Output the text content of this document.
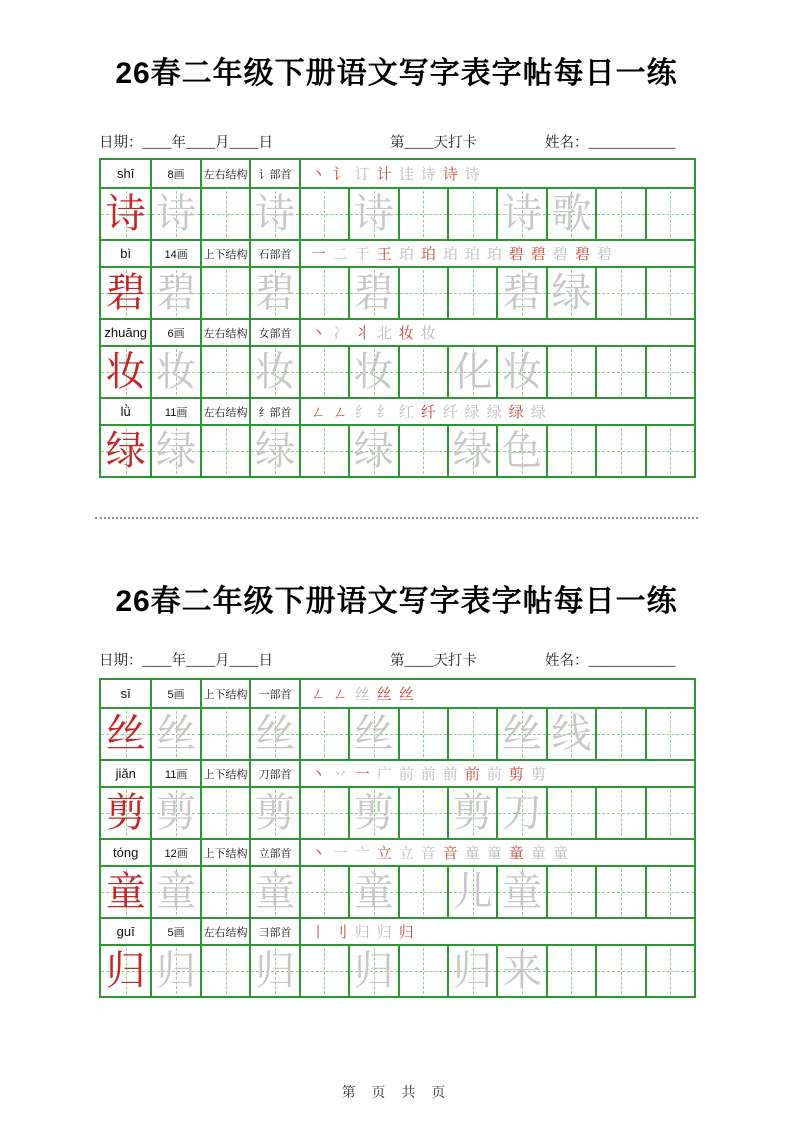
26春二年级下册语文写字表字帖每日一练
日期：____年____月____日	第____天打卡	姓名：____________
shī	8画	左右结构 讠部首	丶 讠 订 计 诖 诗 诗 诗
诗 诗 诗 诗	诗 歌
bì	14画	上下结构 石部首	一 二 干 王 珀 珀 珀 珀 珀 碧 碧 碧 碧 碧
碧 碧 碧 碧	碧 绿
zhuāng	6画	左右结构 女部首	丶 冫 丬 北 妆 妆
妆 妆 妆 妆 化 妆
lǜ	11画	左右结构 纟部首	ㄥ ㄥ 纟 纟 红 纤 纤 绿 绿 绿 绿
绿 绿 绿 绿 绿 色
26春二年级下册语文写字表字帖每日一练
日期：____年____月____日	第____天打卡	姓名：____________
sī	5画	上下结构 一部首	ㄥ ㄥ 丝 丝 丝
丝 丝 丝 丝	丝 线
jiǎn	11画	上下结构 刀部首	丶 丷 一 广 前 前 前 前 前 剪 剪
剪 剪 剪 剪 剪 刀
tóng	12画	上下结构 立部首	丶 一 亠 立 立 音 音 童 童 童 童 童
童 童 童 童 儿 童
guī	5画	左右结构 彐部首	丨 刂 归 归 归
归 归 归 归 归 来
第 页 共 页
